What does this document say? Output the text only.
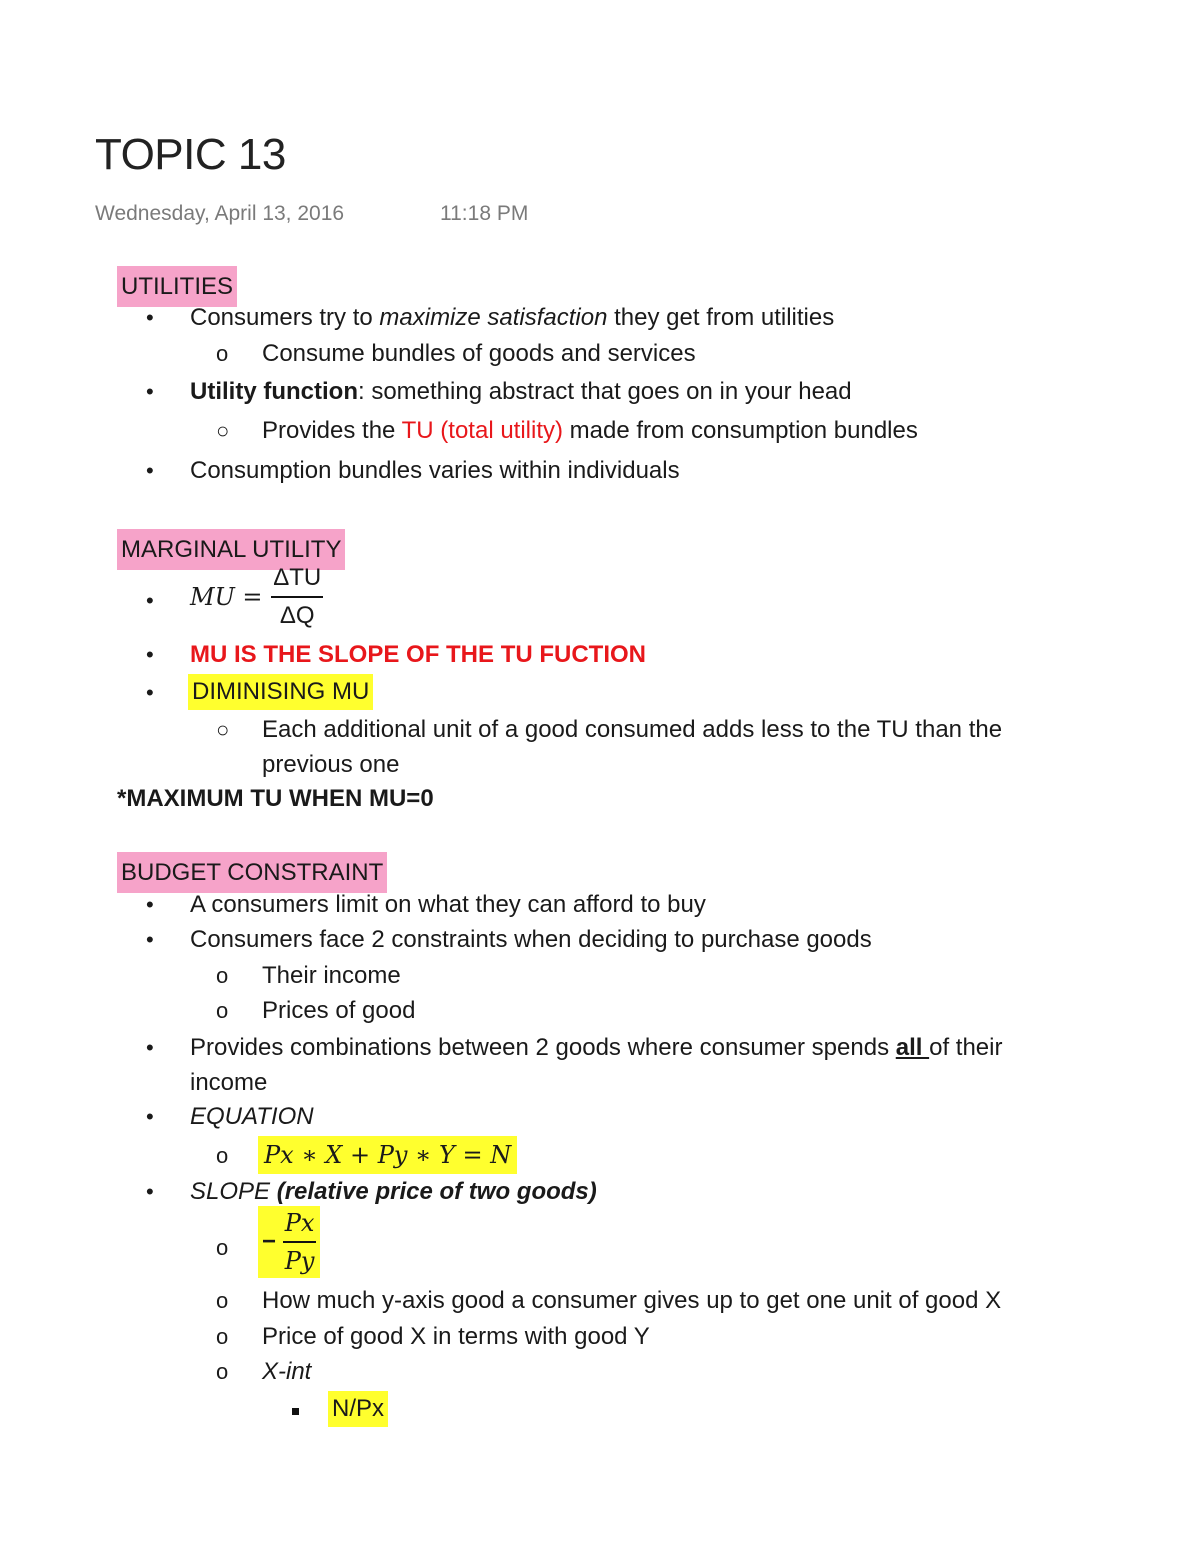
TOPIC 13
Wednesday, April 13, 2016	11:18 PM
UTILITIES
• Consumers try to maximize satisfaction they get from utilities
o Consume bundles of goods and services
• Utility function: something abstract that goes on in your head
○ Provides the TU (total utility) made from consumption bundles
• Consumption bundles varies within individuals
MARGINAL UTILITY
• MU = $\frac{\text{ΔTU}}{\Delta Q}$
• MU IS THE SLOPE OF THE TU FUCTION
• DIMINISING MU
○ Each additional unit of a good consumed adds less to the TU than the
previous one
*MAXIMUM TU WHEN MU=0
BUDGET CONSTRAINT
• A consumers limit on what they can afford to buy
• Consumers face 2 constraints when deciding to purchase goods
o Their income
o Prices of good
• Provides combinations between 2 goods where consumer spends all of their
income
• EQUATION
o Px ∗ X + Py ∗ Y = N
• SLOPE (relative price of two goods)
$o - \frac{Px}{Py}$
o How much y-axis good a consumer gives up to get one unit of good X
o Price of good X in terms with good Y
o X-int
N/Px
